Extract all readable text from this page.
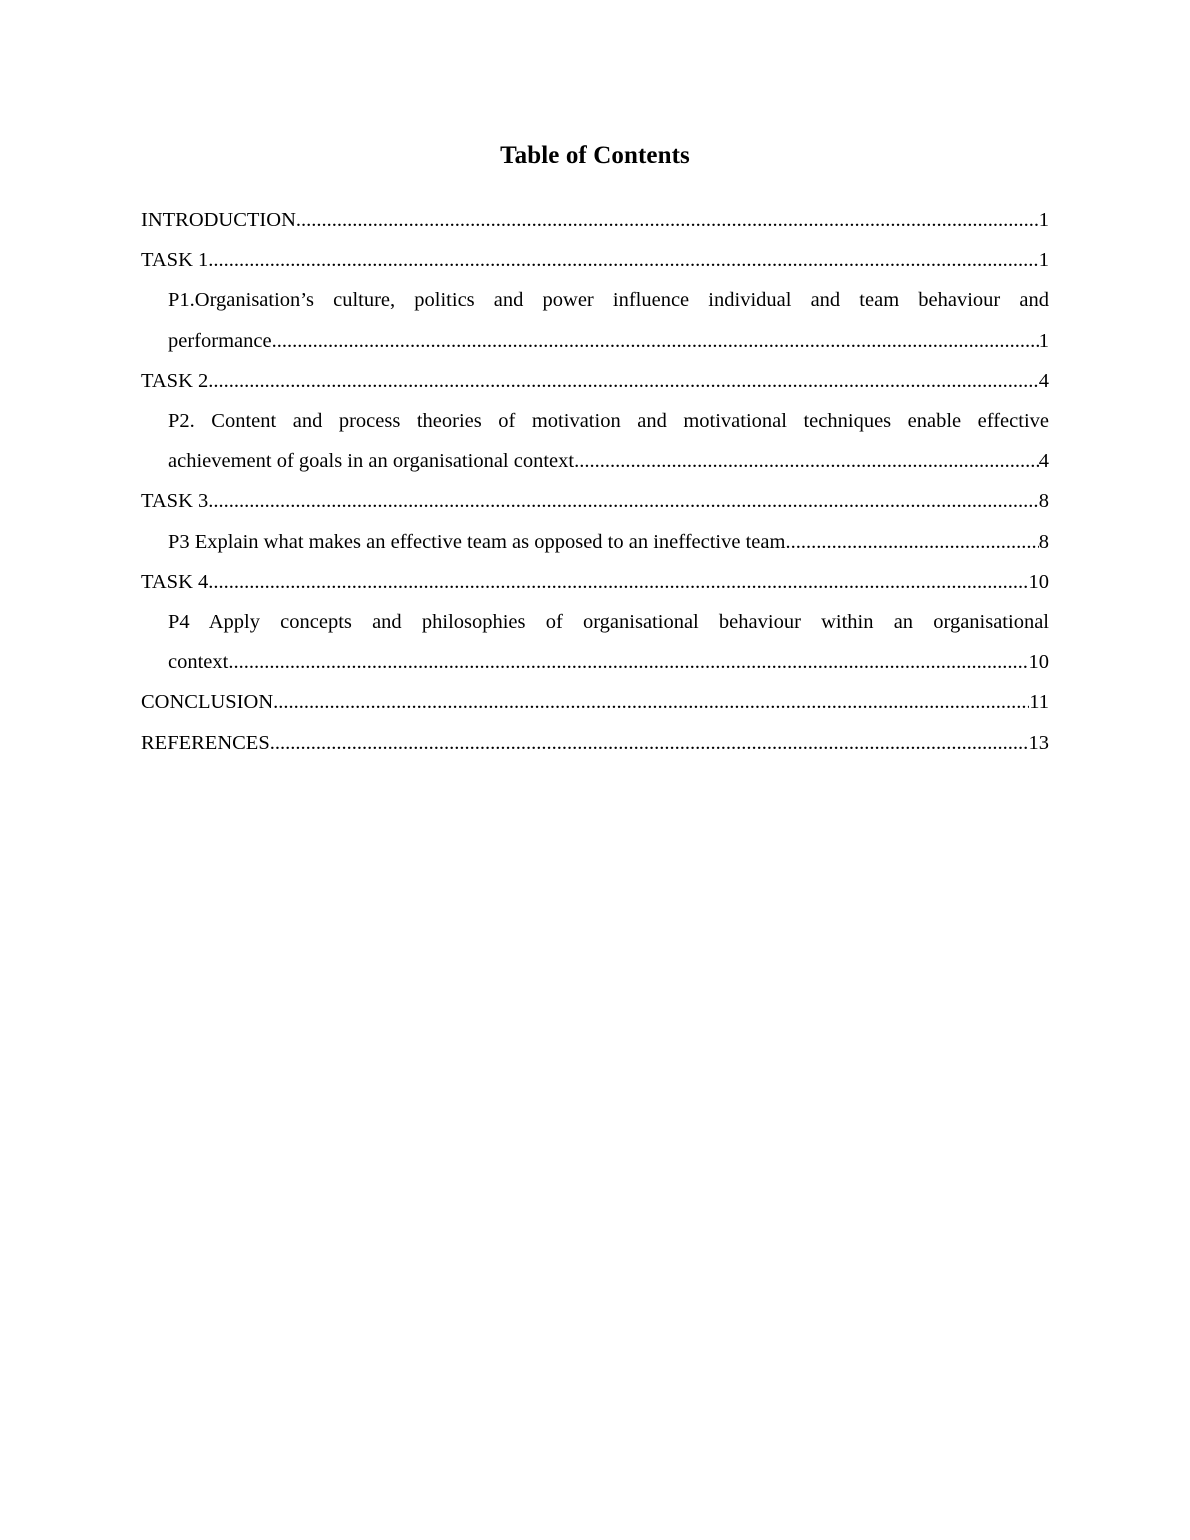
Table of Contents
INTRODUCTION .....	1
TASK 1 .....	1
P1.Organisation’s culture, politics and power influence individual and team behaviour and
performance .....	1
TASK 2 .....	4
P2. Content and process theories of motivation and motivational techniques enable effective
achievement of goals in an organisational context .....	4
TASK 3 .....	8
P3 Explain what makes an effective team as opposed to an ineffective team .....	8
TASK 4 .....	10
P4 Apply concepts and philosophies of organisational behaviour within an organisational
context .....	10
CONCLUSION .....	11
REFERENCES .....	13
